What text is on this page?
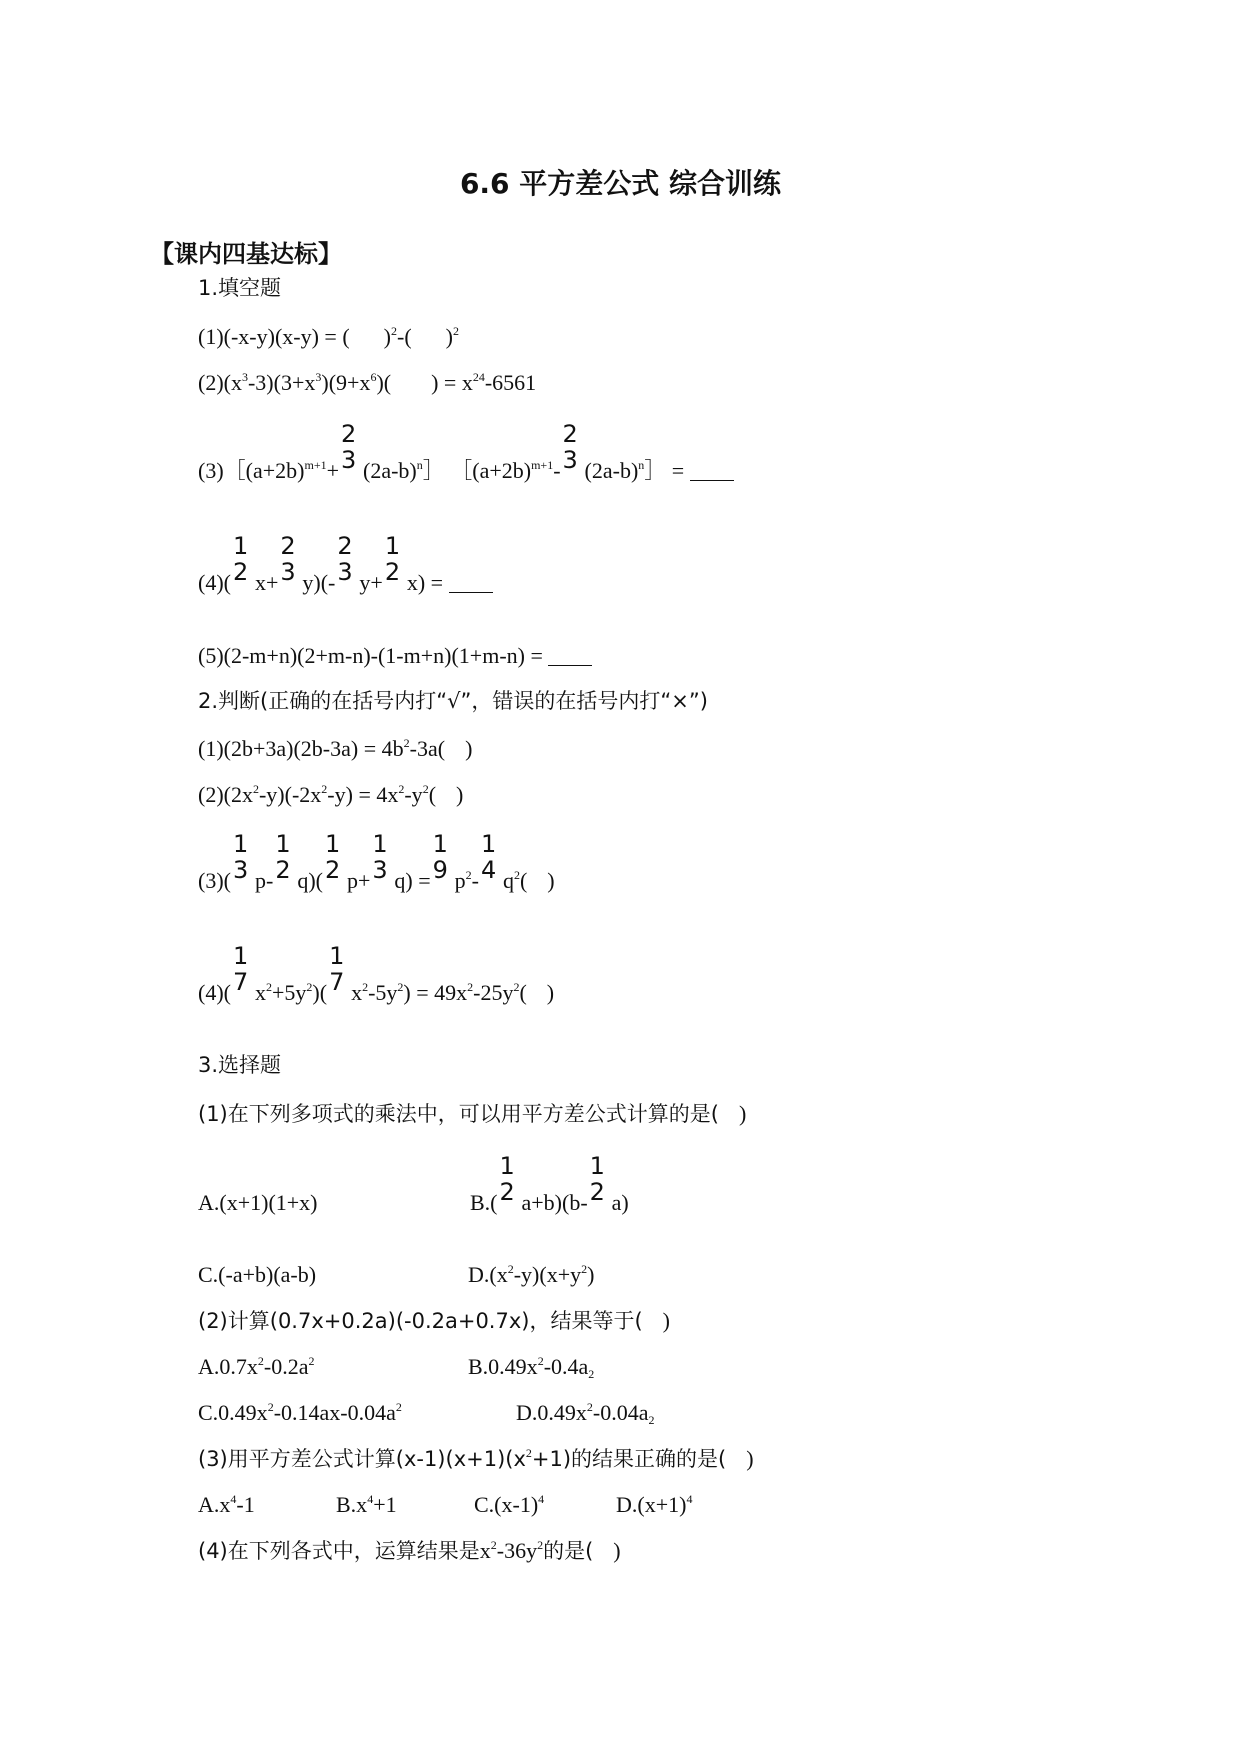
6.6 平方差公式 综合训练
【课内四基达标】
1.填空题
(1)(-x-y)(x-y) = ( )$^2$-( )$^2$
$(2)(x^3-3)(3+x^3)(9+x^6)$( ) = $x^{24}-6561$
$(3)[(a+2b)^{m+1}+$
2
3 $(2a-b)^n]$ $[(a+2b)^{m+1}-$
2
3 $(2a-b)^n]$ =
(4)(
1
2 x+
2
3 y)(-
2
3 y+
1
2 x) =
(5)(2-m+n)(2+m-n)-(1-m+n)(1+m-n) =
2.判断(正确的在括号内打“√”，错误的在括号内打“×”)
$(1)(2b+3a)(2b-3a) = 4b^2-3a$( )
$(2)(2x^2-y)(-2x^2-y) = 4x^2-y^2$( )
(3)(
1
3 p-
1
2 q)(
1
2 p+
1
3 q) =
1
9 $p^2-$
1
4 $q^2$( )
(4)(
1
7 $x^2+5y^2$)(
1
7 $x^2-5y^2) = 49x^2-25y^2$( )
3.选择题
(1)在下列多项式的乘法中，可以用平方差公式计算的是( )
A.(x+1)(1+x)	B.(
1
2 a+b)(b-
1
2 a)
C.(-a+b)(a-b)	$D.(x^2-y)(x+y^2)$
(2)计算(0.7x+0.2a)(-0.2a+0.7x)，结果等于( )
$A.0.7x^2-0.2a^2$	$B.0.49x^2-0.4a_2$
$C.0.49x^2-0.14ax-0.04a^2$	$D.0.49x^2-0.04a_2$
(3)用平方差公式计算$(x-1)(x+1)(x^2+1)$的结果正确的是( )
$A.x^4-1$	$B.x^4+1$	$C.(x-1)^4$	$D.(x+1)^4$
(4)在下列各式中，运算结果是$x^2-36y^2$的是( )
